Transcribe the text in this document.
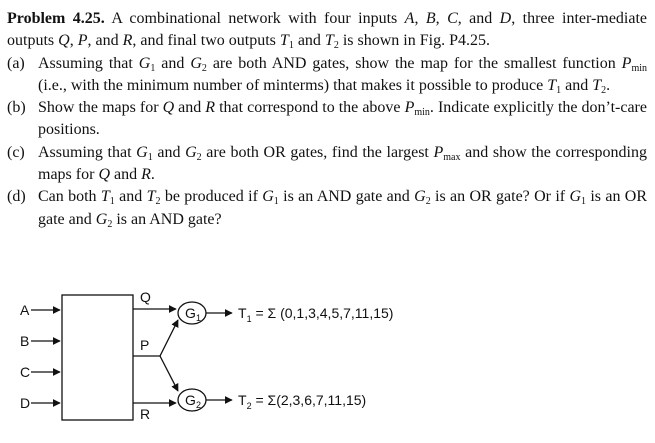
Problem 4.25. A combinational network with four inputs A, B, C, and D, three inter-mediate outputs Q, P, and R, and final two outputs $T_1$ and $T_2$ is shown in Fig. P4.25.

(a) Assuming that $G_1$ and $G_2$ are both AND gates, show the map for the smallest function $P_{min}$ (i.e., with the minimum number of minterms) that makes it possible to produce $T_1$ and $T_2$.
(b) Show the maps for Q and R that correspond to the above $P_{min}$. Indicate explicitly the don’t-care positions.
(c) Assuming that $G_1$ and $G_2$ are both OR gates, find the largest $P_{max}$ and show the corresponding maps for Q and R.
(d) Can both $T_1$ and $T_2$ be produced if $G_1$ is an AND gate and $G_2$ is an OR gate? Or if $G_1$ is an OR gate and $G_2$ is an AND gate?
A
B
C
D
Q
R
P
G 1
G 2
$T_1 = \Sigma$ (0,1,3,4,5,7,11,15)
$T_2 = \Sigma(2,3,6,7,11,15)$
